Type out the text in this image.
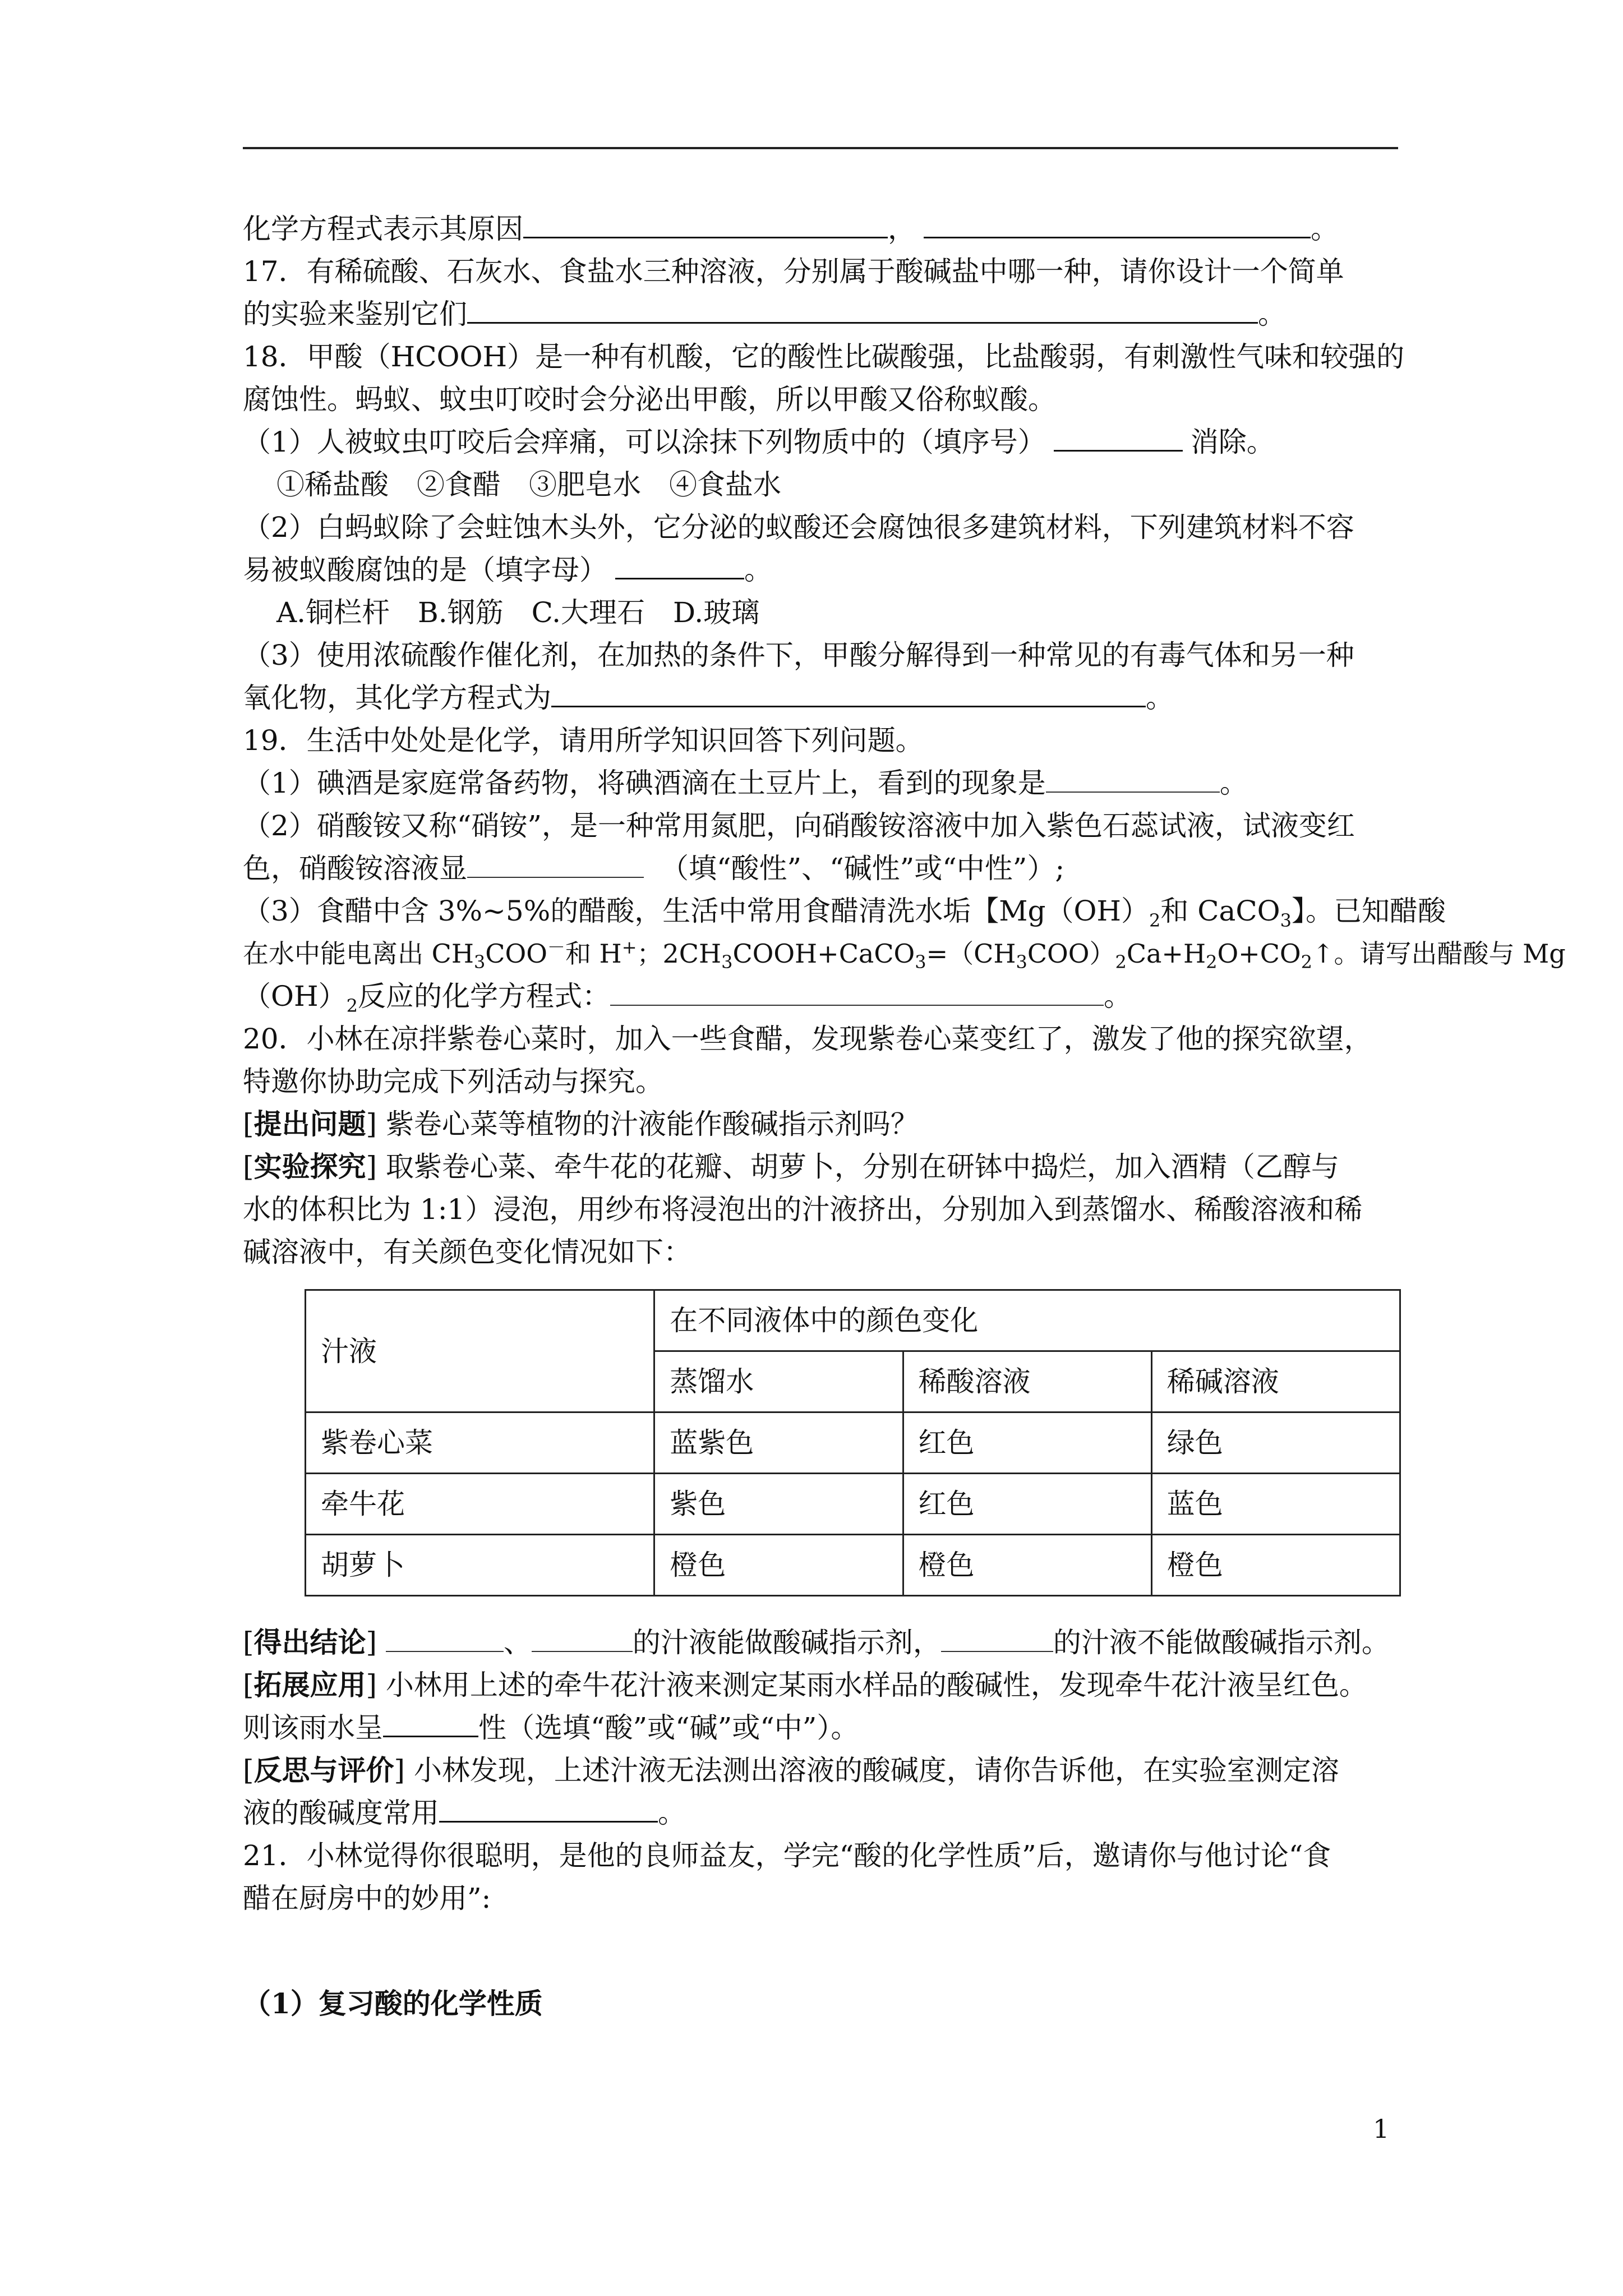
化学方程式表示其原因	，	。

17．有稀硫酸、石灰水、食盐水三种溶液，分别属于酸碱盐中哪一种，请你设计一个简单

的实验来鉴别它们	。

18．甲酸（HCOOH）是一种有机酸，它的酸性比碳酸强，比盐酸弱，有刺激性气味和较强的

腐蚀性。蚂蚁、蚊虫叮咬时会分泌出甲酸，所以甲酸又俗称蚁酸。

（1）人被蚊虫叮咬后会痒痛，可以涂抹下列物质中的（填序号）	消除。

①稀盐酸　②食醋　③肥皂水　④食盐水

（2）白蚂蚁除了会蛀蚀木头外，它分泌的蚁酸还会腐蚀很多建筑材料，下列建筑材料不容

易被蚁酸腐蚀的是（填字母）	。

A.铜栏杆　B.钢筋　C.大理石　D.玻璃

（3）使用浓硫酸作催化剂，在加热的条件下，甲酸分解得到一种常见的有毒气体和另一种

氧化物，其化学方程式为	。

19．生活中处处是化学，请用所学知识回答下列问题。

（1）碘酒是家庭常备药物，将碘酒滴在土豆片上，看到的现象是	。

（2）硝酸铵又称“硝铵”，是一种常用氮肥，向硝酸铵溶液中加入紫色石蕊试液，试液变红

色，硝酸铵溶液显	（填“酸性”、“碱性”或“中性”）;

（3）食醋中含 3%~5%的醋酸，生活中常用食醋清洗水垢【$Mg(OH)_2$和 CaCO$_3$】。已知醋酸

在水中能电离出 $CH_3COO^-$和 H+；$2CH_3COOH+CaCO_3=(CH_3COO)_2Ca+H_2O+CO_2↑$。请写出醋酸与 Mg

$(OH)_2$反应的化学方程式：	。

20．小林在凉拌紫卷心菜时，加入一些食醋，发现紫卷心菜变红了，激发了他的探究欲望，

特邀你协助完成下列活动与探究。

[提出问题] 紫卷心菜等植物的汁液能作酸碱指示剂吗？

[实验探究] 取紫卷心菜、牵牛花的花瓣、胡萝卜，分别在研钵中捣烂，加入酒精（乙醇与

水的体积比为 1:1）浸泡，用纱布将浸泡出的汁液挤出，分别加入到蒸馏水、稀酸溶液和稀

碱溶液中，有关颜色变化情况如下：

汁液	在不同液体中的颜色变化		
	蒸馏水	稀酸溶液	稀碱溶液
紫卷心菜	蓝紫色	红色	绿色
牵牛花	紫色	红色	蓝色
胡萝卜	橙色	橙色	橙色

[得出结论]	、	的汁液能做酸碱指示剂，	的汁液不能做酸碱指示剂。

[拓展应用] 小林用上述的牵牛花汁液来测定某雨水样品的酸碱性，发现牵牛花汁液呈红色。

则该雨水呈	性（选填“酸”或“碱”或“中”）。

[反思与评价] 小林发现，上述汁液无法测出溶液的酸碱度，请你告诉他，在实验室测定溶

液的酸碱度常用	。

21．小林觉得你很聪明，是他的良师益友，学完“酸的化学性质”后，邀请你与他讨论“食

醋在厨房中的妙用”:

（1）复习酸的化学性质

1
